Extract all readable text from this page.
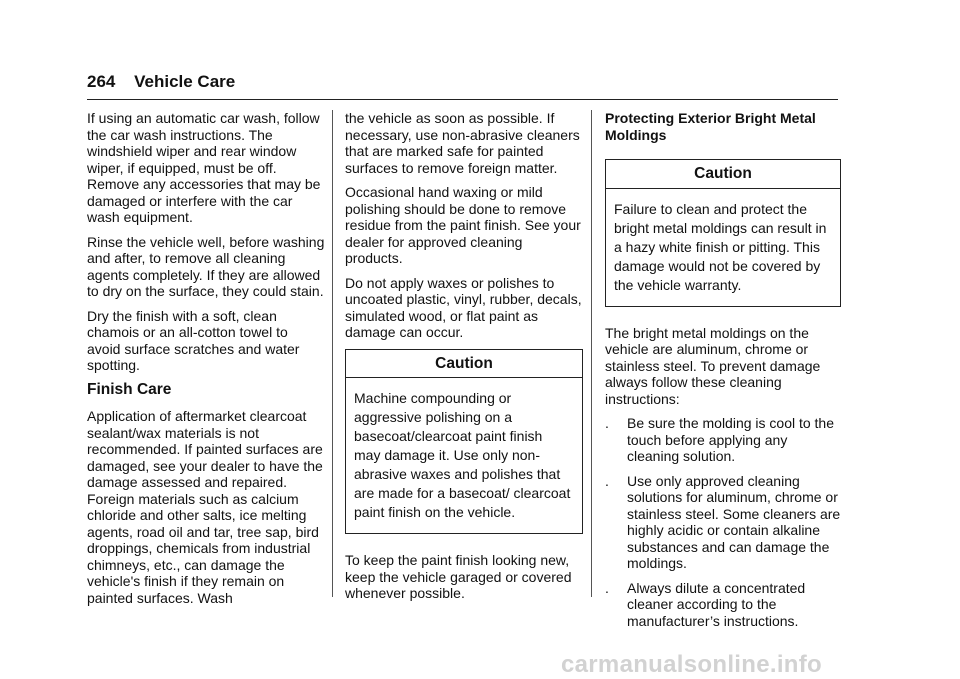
264 Vehicle Care

If using an automatic car wash, follow the car wash instructions. The windshield wiper and rear window wiper, if equipped, must be off. Remove any accessories that may be damaged or interfere with the car wash equipment.

Rinse the vehicle well, before washing and after, to remove all cleaning agents completely. If they are allowed to dry on the surface, they could stain.

Dry the finish with a soft, clean chamois or an all-cotton towel to avoid surface scratches and water spotting.

Finish Care

Application of aftermarket clearcoat sealant/wax materials is not recommended. If painted surfaces are damaged, see your dealer to have the damage assessed and repaired. Foreign materials such as calcium chloride and other salts, ice melting agents, road oil and tar, tree sap, bird droppings, chemicals from industrial chimneys, etc., can damage the vehicle's finish if they remain on painted surfaces. Wash

the vehicle as soon as possible. If necessary, use non-abrasive cleaners that are marked safe for painted surfaces to remove foreign matter.

Occasional hand waxing or mild polishing should be done to remove residue from the paint finish. See your dealer for approved cleaning products.

Do not apply waxes or polishes to uncoated plastic, vinyl, rubber, decals, simulated wood, or flat paint as damage can occur.

Caution
Machine compounding or aggressive polishing on a basecoat/clearcoat paint finish may damage it. Use only non-abrasive waxes and polishes that are made for a basecoat/ clearcoat paint finish on the vehicle.

To keep the paint finish looking new, keep the vehicle garaged or covered whenever possible.

Protecting Exterior Bright Metal Moldings
Caution
Failure to clean and protect the bright metal moldings can result in a hazy white finish or pitting. This damage would not be covered by the vehicle warranty.

The bright metal moldings on the vehicle are aluminum, chrome or stainless steel. To prevent damage always follow these cleaning instructions:

. Be sure the molding is cool to the touch before applying any cleaning solution.
. Use only approved cleaning solutions for aluminum, chrome or stainless steel. Some cleaners are highly acidic or contain alkaline substances and can damage the moldings.
. Always dilute a concentrated cleaner according to the manufacturer’s instructions.
carmanualsonline.info
